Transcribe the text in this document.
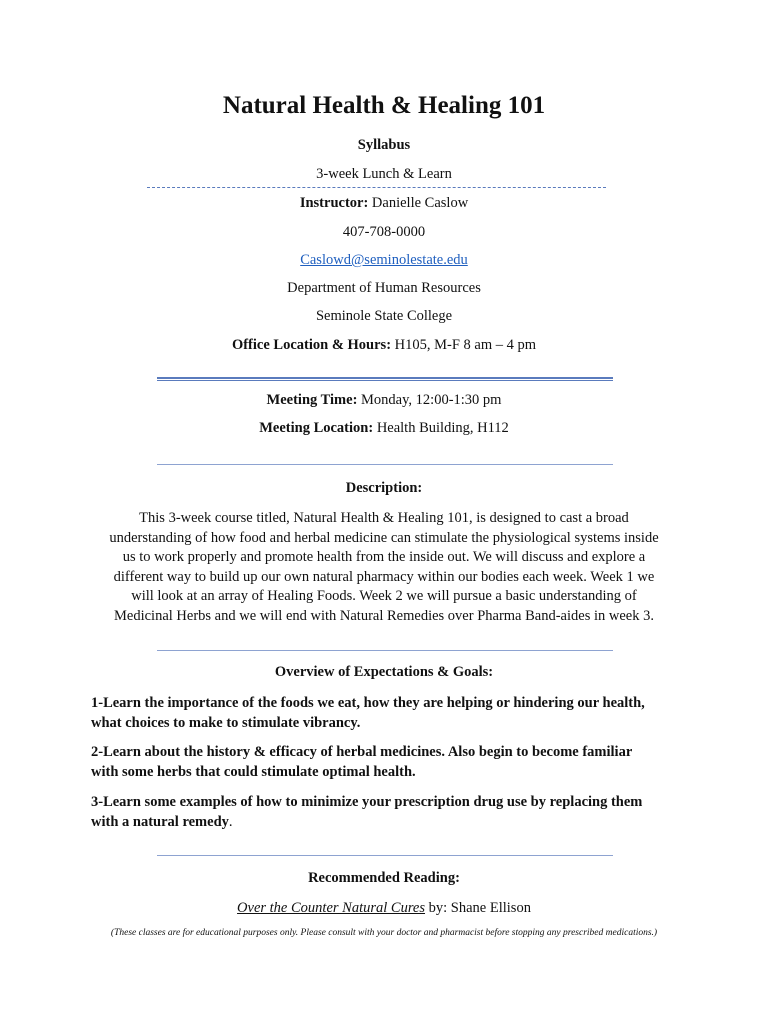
Natural Health & Healing 101
Syllabus
3-week Lunch & Learn
Instructor: Danielle Caslow
407-708-0000
Caslowd@seminolestate.edu
Department of Human Resources
Seminole State College
Office Location & Hours: H105, M-F 8 am – 4 pm
Meeting Time: Monday, 12:00-1:30 pm
Meeting Location: Health Building, H112
Description:
This 3-week course titled, Natural Health & Healing 101, is designed to cast a broad
understanding of how food and herbal medicine can stimulate the physiological systems inside
us to work properly and promote health from the inside out. We will discuss and explore a
different way to build up our own natural pharmacy within our bodies each week. Week 1 we
will look at an array of Healing Foods. Week 2 we will pursue a basic understanding of
Medicinal Herbs and we will end with Natural Remedies over Pharma Band-aides in week 3.
Overview of Expectations & Goals:
1-Learn the importance of the foods we eat, how they are helping or hindering our health,
what choices to make to stimulate vibrancy.
2-Learn about the history & efficacy of herbal medicines. Also begin to become familiar
with some herbs that could stimulate optimal health.
3-Learn some examples of how to minimize your prescription drug use by replacing them
with a natural remedy.
Recommended Reading:
Over the Counter Natural Cures by: Shane Ellison
(These classes are for educational purposes only. Please consult with your doctor and pharmacist before stopping any prescribed medications.)
